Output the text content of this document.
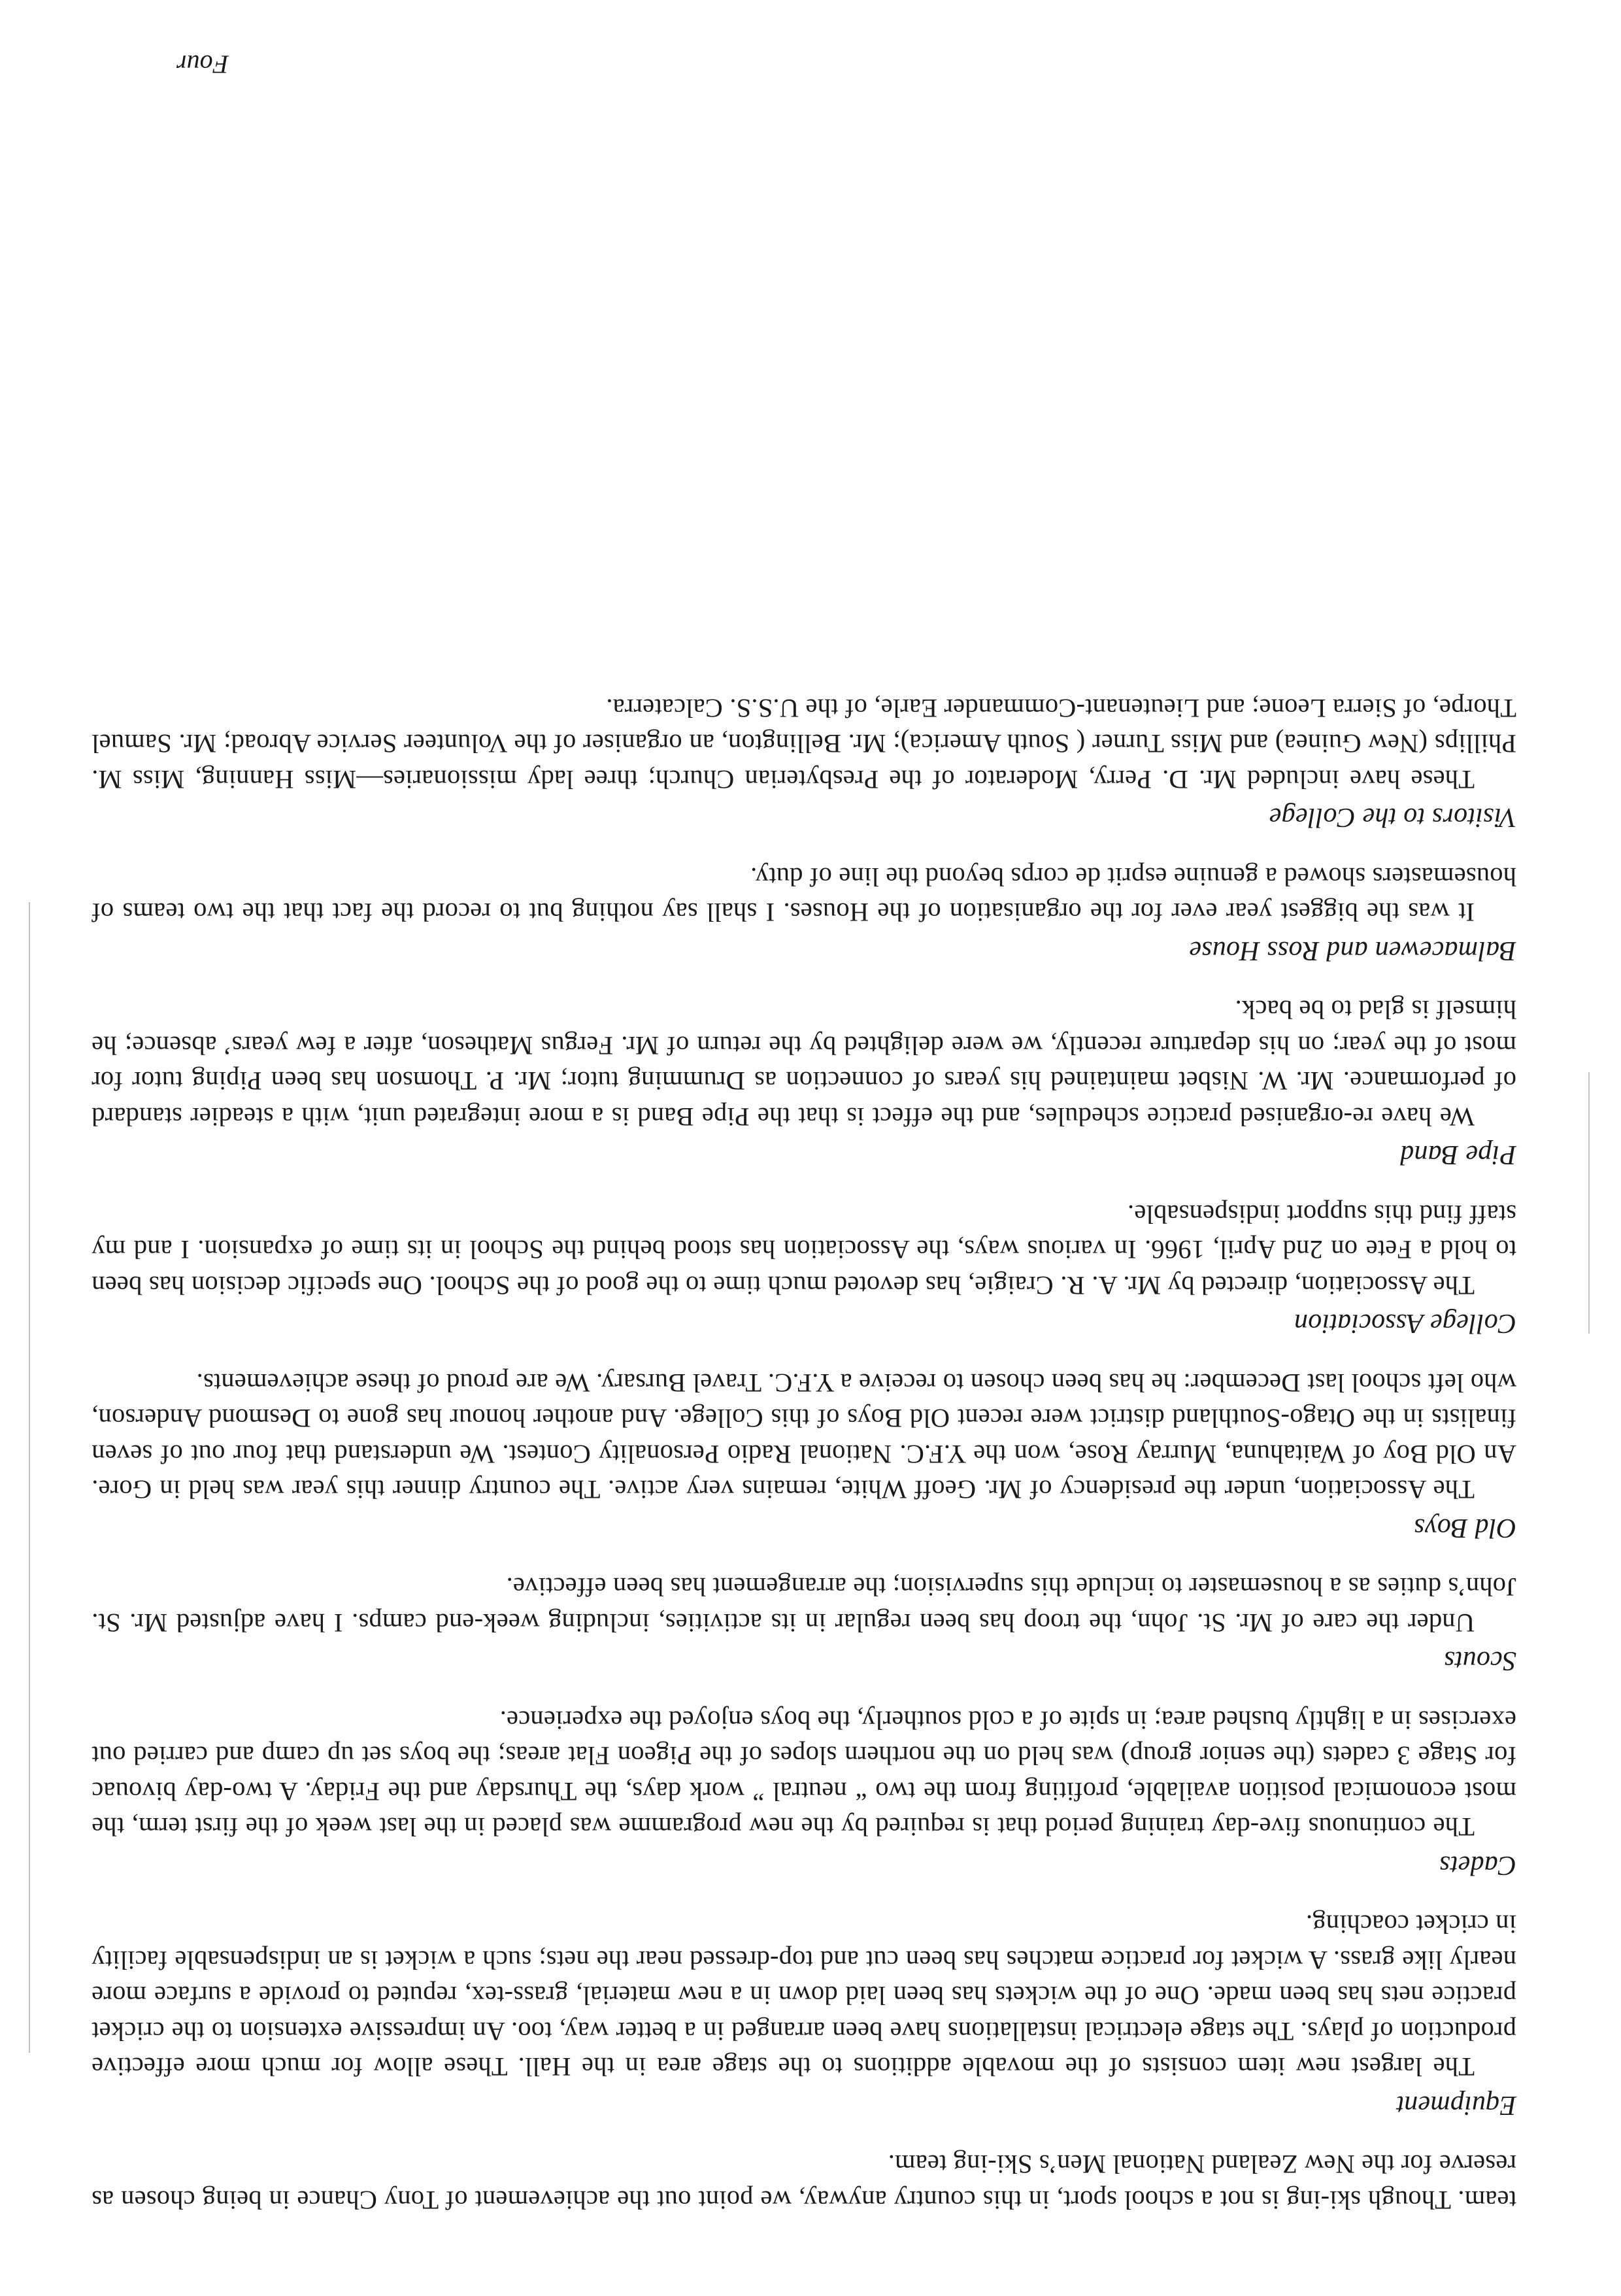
team. Though ski-ing is not a school sport, in this country anyway, we point out the achievement of Tony Chance in being chosen as reserve for the New Zealand National Men’s Ski-ing team.

Equipment

The largest new item consists of the movable additions to the stage area in the Hall. These allow for much more effective production of plays. The stage electrical installations have been arranged in a better way, too. An impressive extension to the cricket practice nets has been made. One of the wickets has been laid down in a new material, grass-tex, reputed to provide a surface more nearly like grass. A wicket for practice matches has been cut and top-dressed near the nets; such a wicket is an indispensable facility in cricket coaching.

Cadets

The continuous five-day training period that is required by the new programme was placed in the last week of the first term, the most economical position available, profiting from the two “ neutral ” work days, the Thursday and the Friday. A two-day bivouac for Stage 3 cadets (the senior group) was held on the northern slopes of the Pigeon Flat areas; the boys set up camp and carried out exercises in a lightly bushed area; in spite of a cold southerly, the boys enjoyed the experience.

Scouts

Under the care of Mr. St. John, the troop has been regular in its activities, including week-end camps. I have adjusted Mr. St. John’s duties as a housemaster to include this supervision; the arrangement has been effective.

Old Boys

The Association, under the presidency of Mr. Geoff White, remains very active. The country dinner this year was held in Gore. An Old Boy of Waitahuna, Murray Rose, won the Y.F.C. National Radio Personality Contest. We understand that four out of seven finalists in the Otago-Southland district were recent Old Boys of this College. And another honour has gone to Desmond Anderson, who left school last December: he has been chosen to receive a Y.F.C. Travel Bursary. We are proud of these achievements.

College Association

The Association, directed by Mr. A. R. Craigie, has devoted much time to the good of the School. One specific decision has been to hold a Fete on 2nd April, 1966. In various ways, the Association has stood behind the School in its time of expansion. I and my staff find this support indispensable.

Pipe Band

We have re-organised practice schedules, and the effect is that the Pipe Band is a more integrated unit, with a steadier standard of performance. Mr. W. Nisbet maintained his years of connection as Drumming tutor; Mr. P. Thomson has been Piping tutor for most of the year; on his departure recently, we were delighted by the return of Mr. Fergus Matheson, after a few years’ absence; he himself is glad to be back.

Balmacewen and Ross House

It was the biggest year ever for the organisation of the Houses. I shall say nothing but to record the fact that the two teams of housemasters showed a genuine esprit de corps beyond the line of duty.

Visitors to the College

These have included Mr. D. Perry, Moderator of the Presbyterian Church; three lady missionaries—Miss Hanning, Miss M. Phillips (New Guinea) and Miss Turner ( South America); Mr. Bellington, an organiser of the Volunteer Service Abroad; Mr. Samuel Thorpe, of Sierra Leone; and Lieutenant-Commander Earle, of the U.S.S. Calcaterra.

Four
